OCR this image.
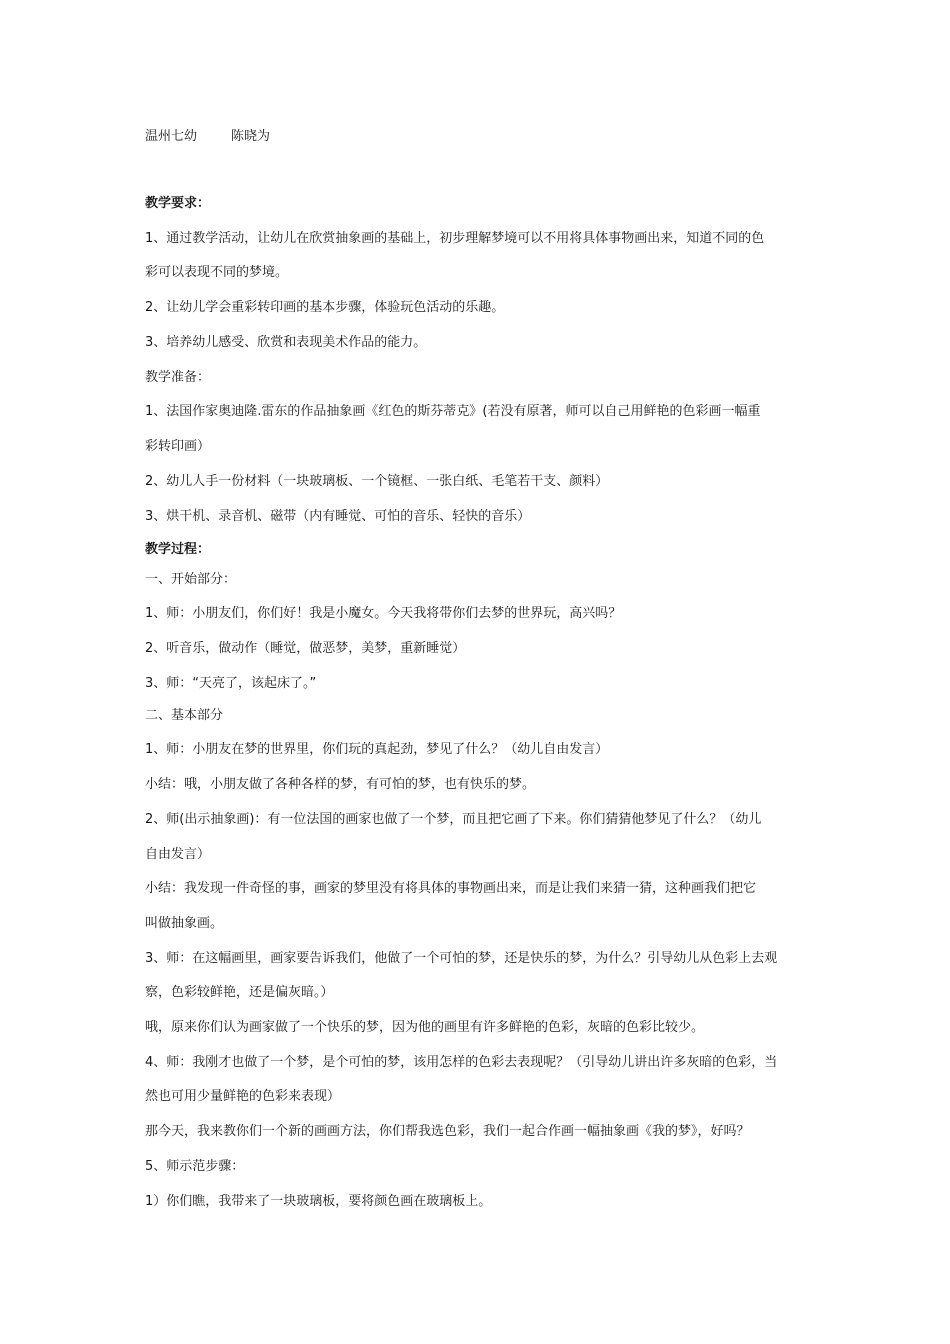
温州七幼	陈晓为
教学要求：
1、通过教学活动，让幼儿在欣赏抽象画的基础上，初步理解梦境可以不用将具体事物画出来，知道不同的色
彩可以表现不同的梦境。
2、让幼儿学会重彩转印画的基本步骤，体验玩色活动的乐趣。
3、培养幼儿感受、欣赏和表现美术作品的能力。
教学准备：
1、法国作家奥迪隆.雷东的作品抽象画《红色的斯芬蒂克》(若没有原著，师可以自己用鲜艳的色彩画一幅重
彩转印画）
2、幼儿人手一份材料（一块玻璃板、一个镜框、一张白纸、毛笔若干支、颜料）
3、烘干机、录音机、磁带（内有睡觉、可怕的音乐、轻快的音乐）
教学过程：
一、开始部分：
1、师：小朋友们，你们好！我是小魔女。今天我将带你们去梦的世界玩，高兴吗？
2、听音乐，做动作（睡觉，做恶梦，美梦，重新睡觉）
3、师：“天亮了，该起床了。”
二、基本部分
1、师：小朋友在梦的世界里，你们玩的真起劲，梦见了什么？（幼儿自由发言）
小结：哦，小朋友做了各种各样的梦，有可怕的梦，也有快乐的梦。
2、师(出示抽象画)：有一位法国的画家也做了一个梦，而且把它画了下来。你们猜猜他梦见了什么？（幼儿
自由发言）
小结：我发现一件奇怪的事，画家的梦里没有将具体的事物画出来，而是让我们来猜一猜，这种画我们把它
叫做抽象画。
3、师：在这幅画里，画家要告诉我们，他做了一个可怕的梦，还是快乐的梦，为什么？引导幼儿从色彩上去观
察，色彩较鲜艳，还是偏灰暗。）
哦，原来你们认为画家做了一个快乐的梦，因为他的画里有许多鲜艳的色彩，灰暗的色彩比较少。
4、师：我刚才也做了一个梦，是个可怕的梦，该用怎样的色彩去表现呢？（引导幼儿讲出许多灰暗的色彩，当
然也可用少量鲜艳的色彩来表现）
那今天，我来教你们一个新的画画方法，你们帮我选色彩，我们一起合作画一幅抽象画《我的梦》，好吗？
5、师示范步骤：
1）你们瞧，我带来了一块玻璃板，要将颜色画在玻璃板上。
